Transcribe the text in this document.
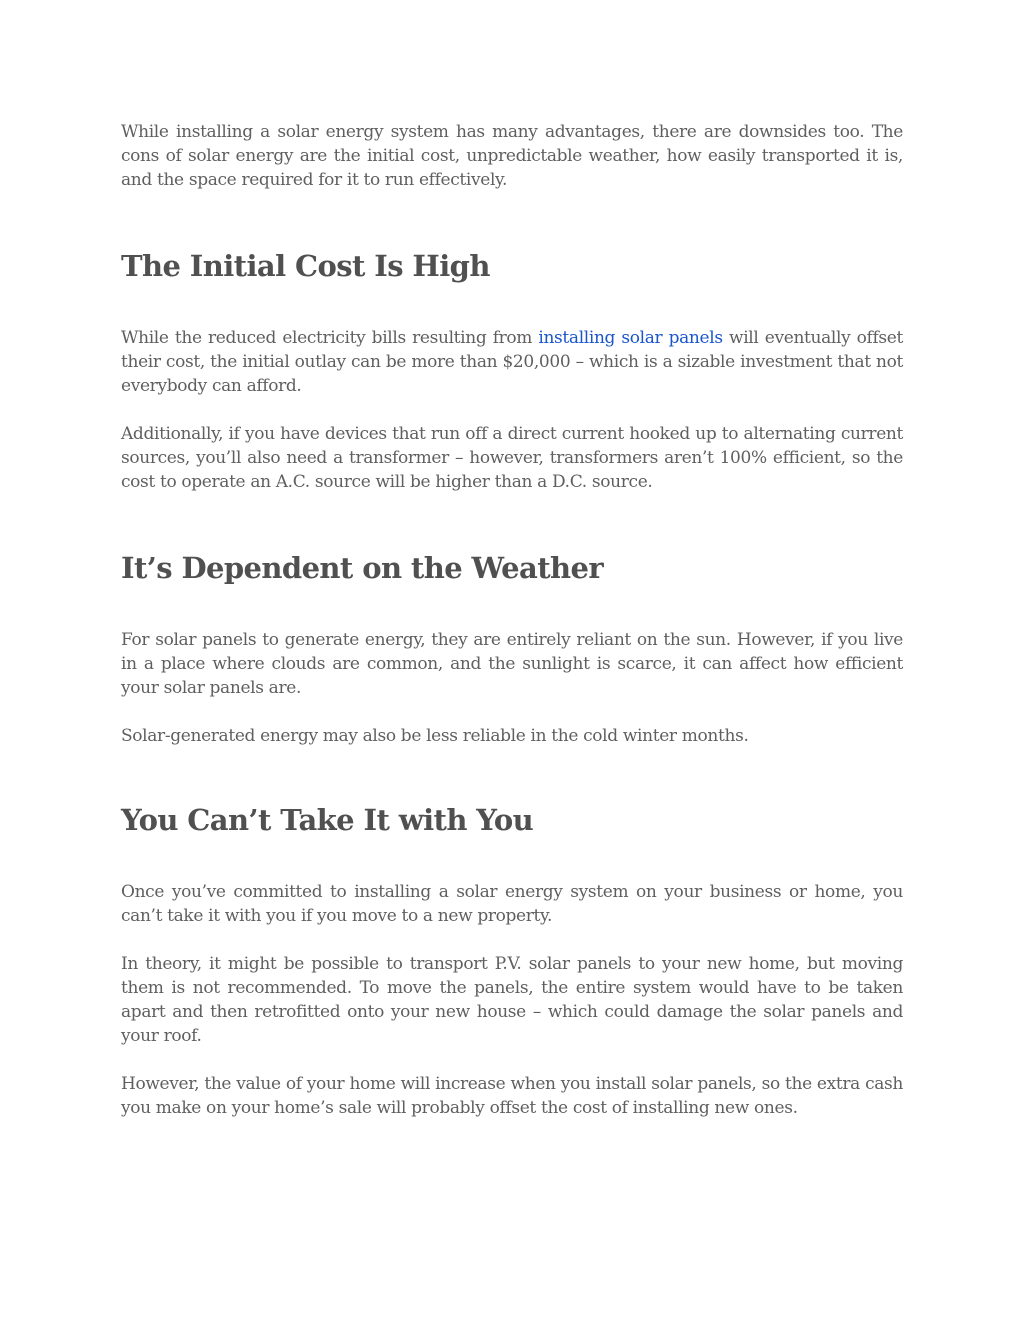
While installing a solar energy system has many advantages, there are downsides too. The cons of solar energy are the initial cost, unpredictable weather, how easily transported it is, and the space required for it to run effectively.

The Initial Cost Is High

While the reduced electricity bills resulting from installing solar panels will eventually offset their cost, the initial outlay can be more than $20,000 – which is a sizable investment that not everybody can afford.

Additionally, if you have devices that run off a direct current hooked up to alternating current sources, you’ll also need a transformer – however, transformers aren’t 100% efficient, so the cost to operate an A.C. source will be higher than a D.C. source.

It’s Dependent on the Weather

For solar panels to generate energy, they are entirely reliant on the sun. However, if you live in a place where clouds are common, and the sunlight is scarce, it can affect how efficient your solar panels are.

Solar-generated energy may also be less reliable in the cold winter months.

You Can’t Take It with You

Once you’ve committed to installing a solar energy system on your business or home, you can’t take it with you if you move to a new property.

In theory, it might be possible to transport P.V. solar panels to your new home, but moving them is not recommended. To move the panels, the entire system would have to be taken apart and then retrofitted onto your new house – which could damage the solar panels and your roof.

However, the value of your home will increase when you install solar panels, so the extra cash you make on your home’s sale will probably offset the cost of installing new ones.
